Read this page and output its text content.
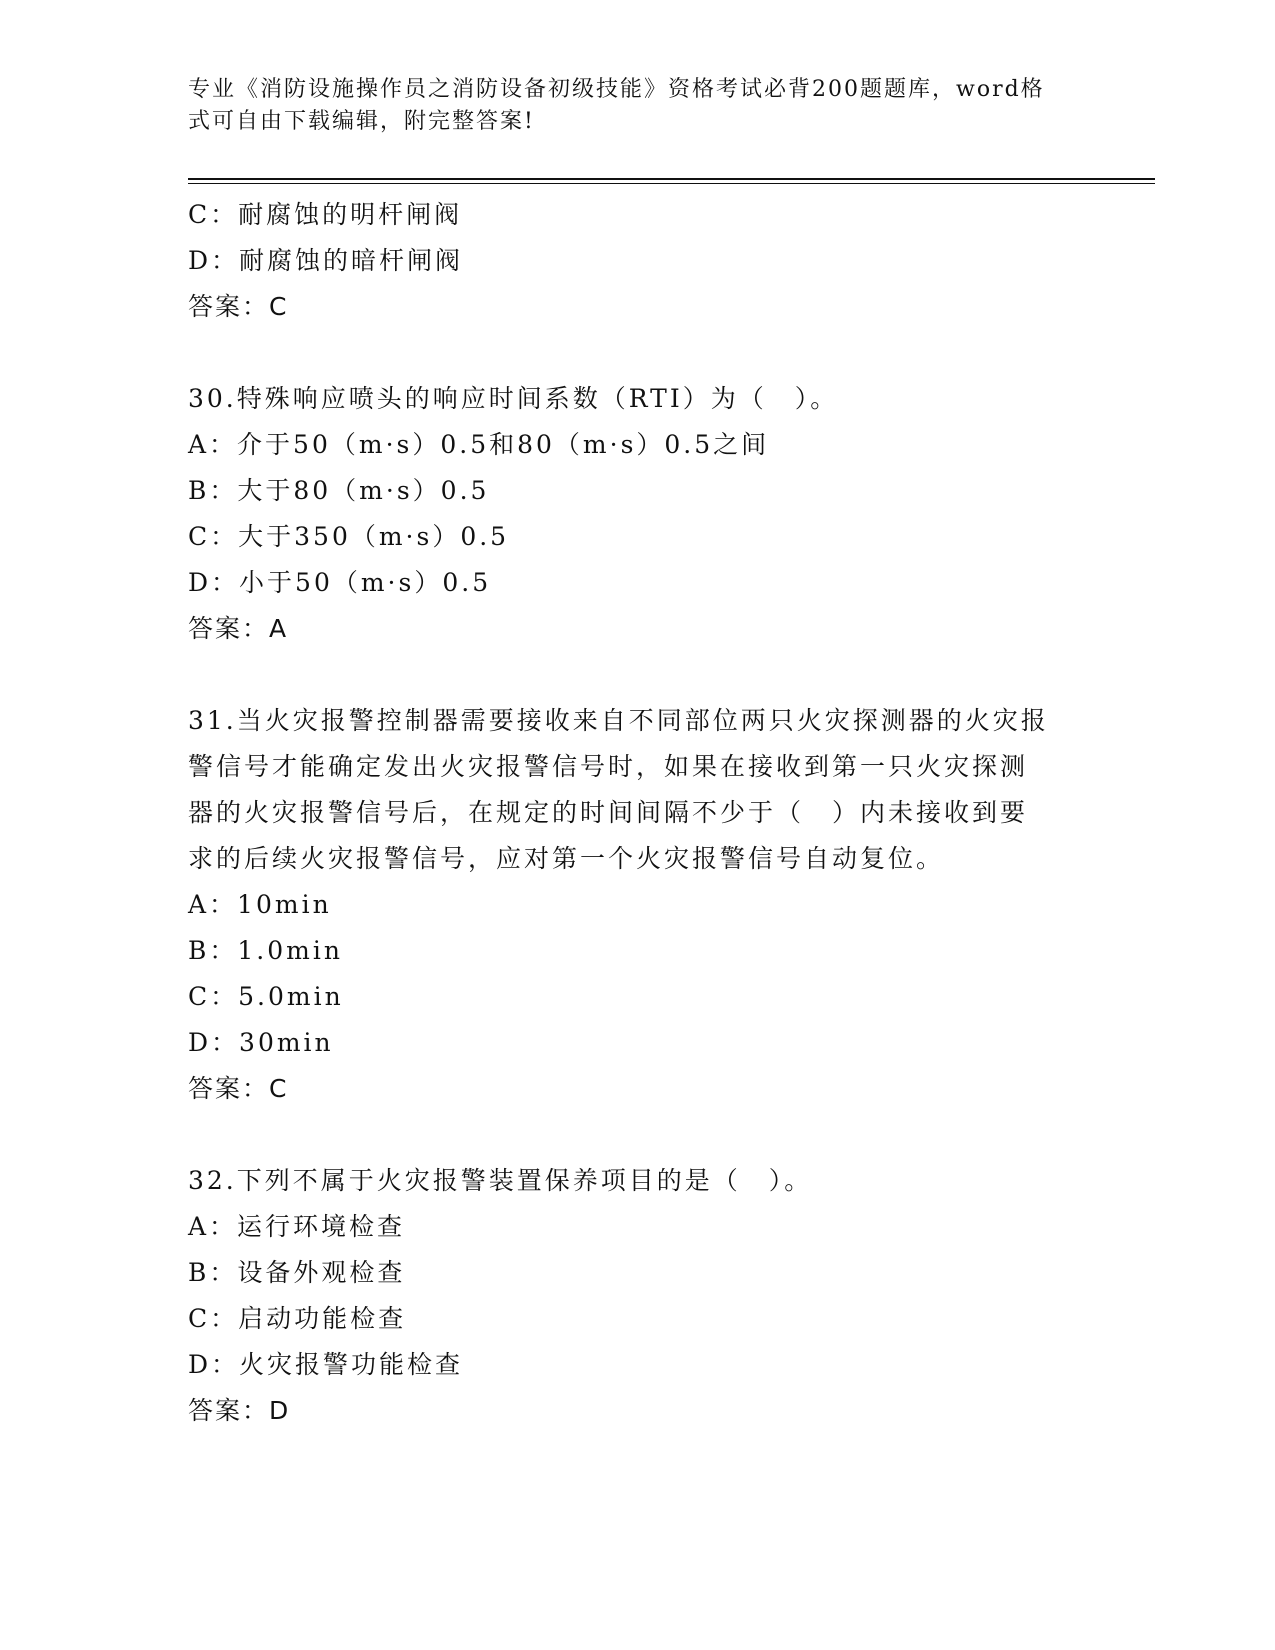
专业《消防设施操作员之消防设备初级技能》资格考试必背200题题库，word格式可自由下载编辑，附完整答案!
C：耐腐蚀的明杆闸阀
D：耐腐蚀的暗杆闸阀
答案：C
30.特殊响应喷头的响应时间系数（RTI）为（　）。
A：介于50（m·s）0.5和80（m·s）0.5之间
B：大于80（m·s）0.5
C：大于350（m·s）0.5
D：小于50（m·s）0.5
答案：A
31.当火灾报警控制器需要接收来自不同部位两只火灾探测器的火灾报
警信号才能确定发出火灾报警信号时，如果在接收到第一只火灾探测
器的火灾报警信号后，在规定的时间间隔不少于（　）内未接收到要
求的后续火灾报警信号，应对第一个火灾报警信号自动复位。
A：10min
B：1.0min
C：5.0min
D：30min
答案：C
32.下列不属于火灾报警装置保养项目的是（　）。
A：运行环境检查
B：设备外观检查
C：启动功能检查
D：火灾报警功能检查
答案：D
